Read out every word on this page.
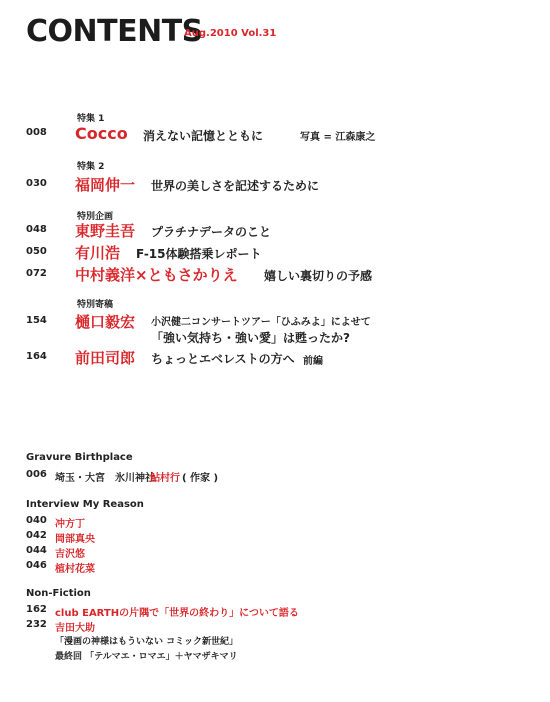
CONTENTS
Aug.2010 Vol.31
特集 1
008 Cocco 消えない記憶とともに	写真 = 江森康之
特集 2
030 福岡伸一 世界の美しさを記述するために
特別企画
048 東野圭吾 プラチナデータのこと
050 有川浩 F-15体験搭乗レポート
072 中村義洋×ともさかりえ 嬉しい裏切りの予感
特別寄稿
154 樋口毅宏 小沢健二コンサートツアー「ひふみよ」によせて
「強い気持ち・強い愛」は甦ったか?
164 前田司郎 ちょっとエベレストの方へ 前編
Gravure Birthplace
006 埼玉・大宮　氷川神社
鮎村行 ( 作家 )
Interview My Reason
040 冲方丁
042 岡部真央
044 吉沢悠
046 植村花菜
Non-Fiction
162 club EARTHの片隅で「世界の終わり」について語る
232 吉田大助
「漫画の神様はもういない コミック新世紀」
最終回 「テルマエ・ロマエ」＋ヤマザキマリ
